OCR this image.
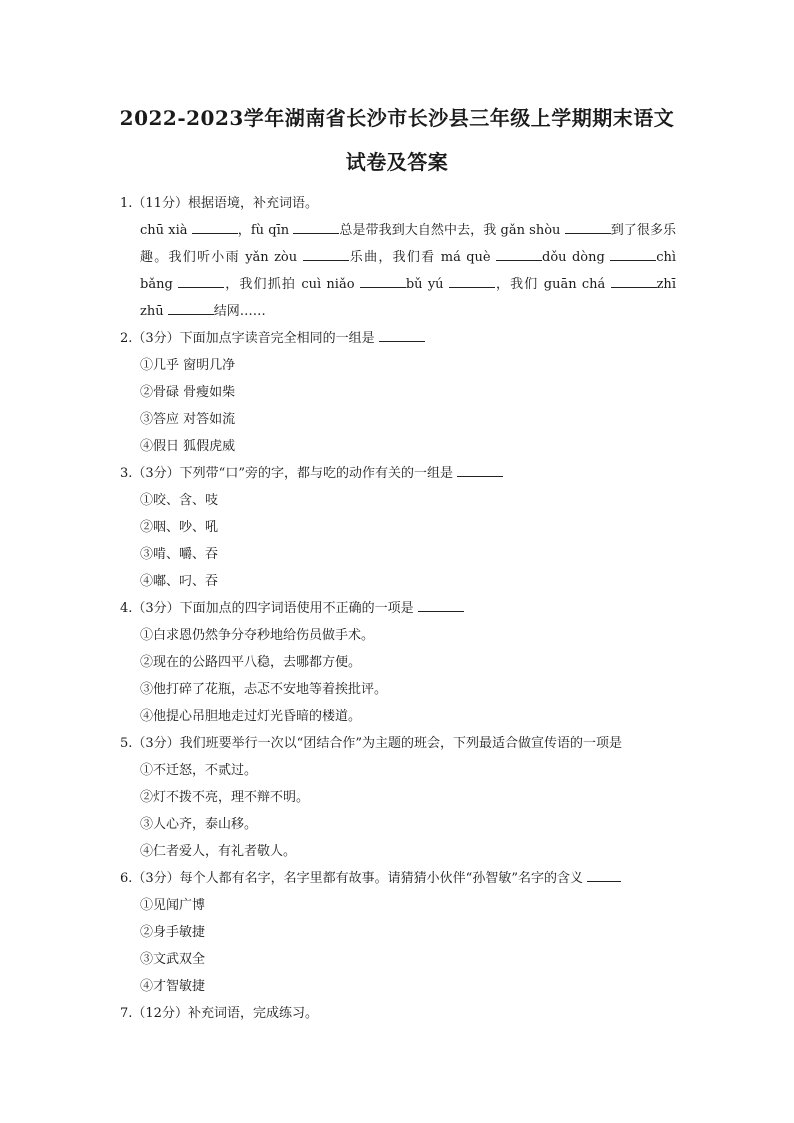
2022-2023学年湖南省长沙市长沙县三年级上学期期末语文
试卷及答案
1.（11分）根据语境，补充词语。
chū xià	，fù qīn	总是带我到大自然中去，我 gǎn shòu	到了很多乐趣。我们听小雨 yǎn zòu	乐曲，我们看 má què	dǒu dòng	chì bǎng	，我们抓拍 cuì niǎo	bǔ yú	，我们 guān chá	zhī zhū	结网……
2.（3分）下面加点字读音完全相同的一组是
①几乎 窗明几净
②骨碌 骨瘦如柴
③答应 对答如流
④假日 狐假虎威
3.（3分）下列带“口”旁的字，都与吃的动作有关的一组是
①咬、含、吱
②咽、吵、吼
③啃、嚼、吞
④嘟、叼、吞
4.（3分）下面加点的四字词语使用不正确的一项是
①白求恩仍然争分夺秒地给伤员做手术。
②现在的公路四平八稳，去哪都方便。
③他打碎了花瓶，忐忑不安地等着挨批评。
④他提心吊胆地走过灯光昏暗的楼道。
5.（3分）我们班要举行一次以“团结合作”为主题的班会，下列最适合做宣传语的一项是
①不迁怒，不贰过。
②灯不拨不亮，理不辩不明。
③人心齐，泰山移。
④仁者爱人，有礼者敬人。
6.（3分）每个人都有名字，名字里都有故事。请猜猜小伙伴“孙智敏”名字的含义
①见闻广博
②身手敏捷
③文武双全
④才智敏捷
7.（12分）补充词语，完成练习。
